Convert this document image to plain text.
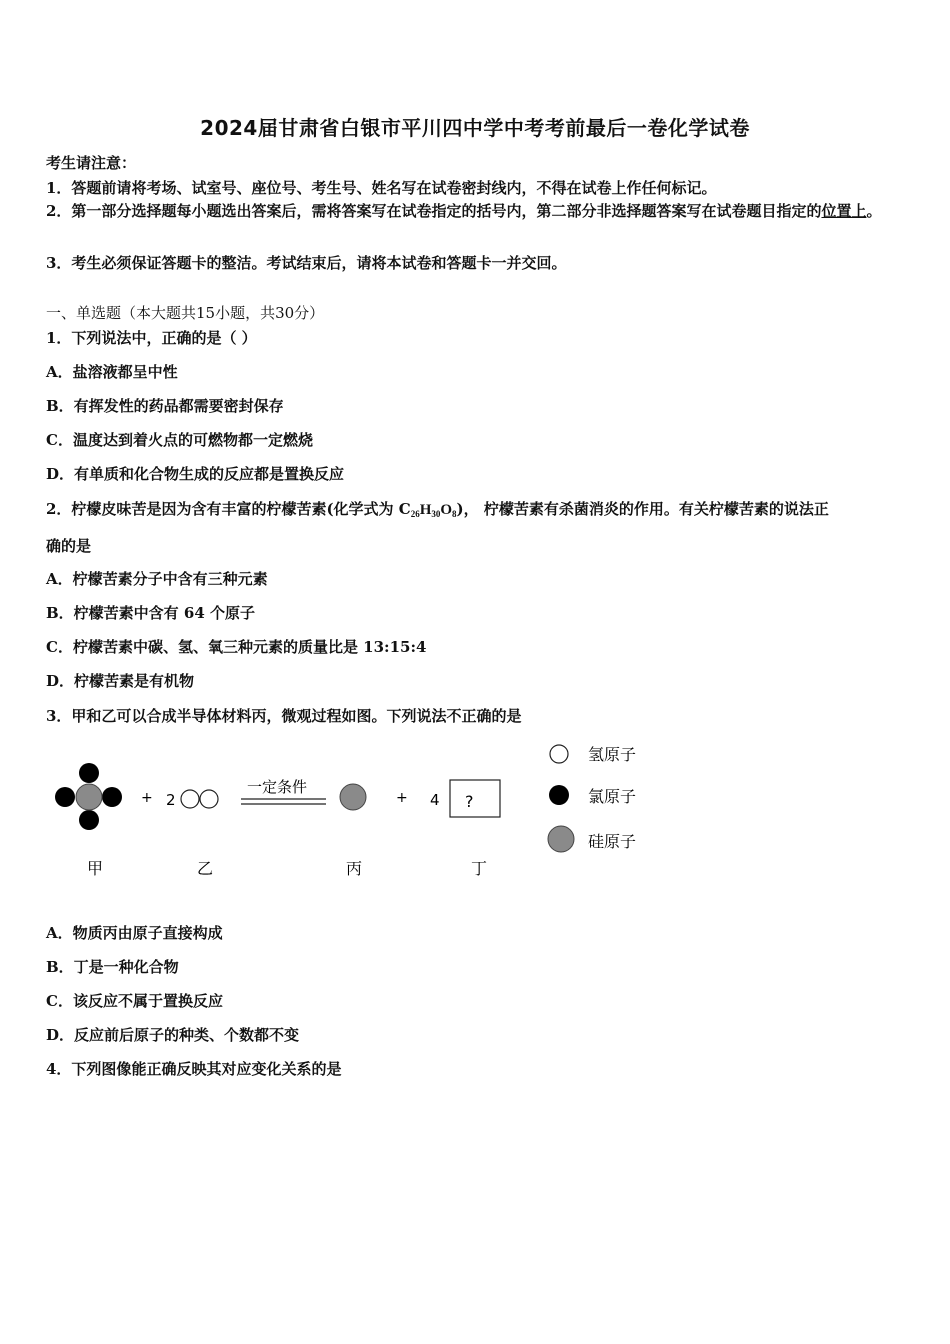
2024届甘肃省白银市平川四中学中考考前最后一卷化学试卷
考生请注意：
1．答题前请将考场、试室号、座位号、考生号、姓名写在试卷密封线内，不得在试卷上作任何标记。
2．第一部分选择题每小题选出答案后，需将答案写在试卷指定的括号内，第二部分非选择题答案写在试卷题目指定的位置上。
3．考生必须保证答题卡的整洁。考试结束后，请将本试卷和答题卡一并交回。
一、单选题（本大题共15小题，共30分）
1．下列说法中，正确的是（ ）
A．盐溶液都呈中性
B．有挥发性的药品都需要密封保存
C．温度达到着火点的可燃物都一定燃烧
D．有单质和化合物生成的反应都是置换反应
2．柠檬皮味苦是因为含有丰富的柠檬苦素(化学式为 $C_{26}H_{30}O_8$)， 柠檬苦素有杀菌消炎的作用。有关柠檬苦素的说法正
确的是
A．柠檬苦素分子中含有三种元素
B．柠檬苦素中含有 64 个原子
C．柠檬苦素中碳、氢、氧三种元素的质量比是 13:15:4
D．柠檬苦素是有机物
3．甲和乙可以合成半导体材料丙，微观过程如图。下列说法不正确的是
+ 2
一定条件
+ 4 ?
甲	乙	丙	丁
氢原子
氯原子
硅原子
A．物质丙由原子直接构成
B．丁是一种化合物
C．该反应不属于置换反应
D．反应前后原子的种类、个数都不变
4．下列图像能正确反映其对应变化关系的是
